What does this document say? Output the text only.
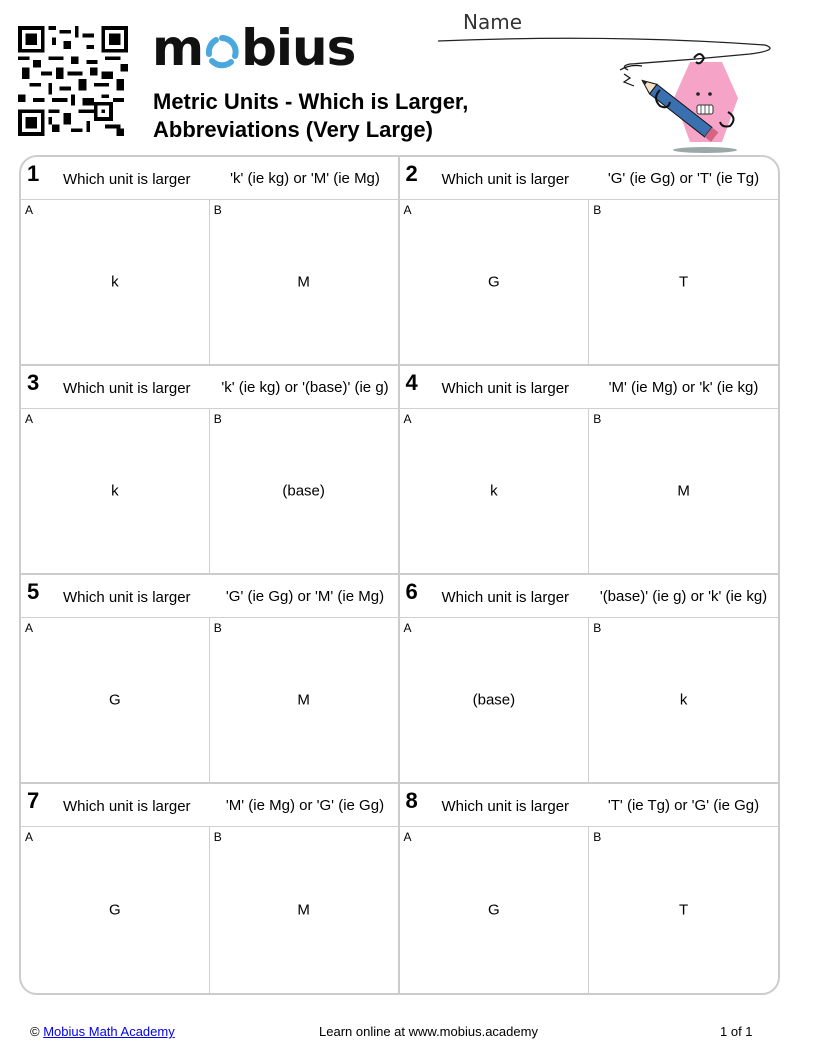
m bius
Metric Units - Which is Larger,
Abbreviations (Very Large)
Name
1 Which unit is larger	'k' (ie kg) or 'M' (ie Mg)
A
k
B
M
2 Which unit is larger	'G' (ie Gg) or 'T' (ie Tg)
A
G
B
T
3 Which unit is larger	'k' (ie kg) or '(base)' (ie g)
A
k
B
(base)
4 Which unit is larger	'M' (ie Mg) or 'k' (ie kg)
A
k
B
M
5 Which unit is larger	'G' (ie Gg) or 'M' (ie Mg)
A
G
B
M
6 Which unit is larger	'(base)' (ie g) or 'k' (ie kg)
A
(base)
B
k
7 Which unit is larger	'M' (ie Mg) or 'G' (ie Gg)
A
G
B
M
8 Which unit is larger	'T' (ie Tg) or 'G' (ie Gg)
A
G
B
T
© Mobius Math Academy	Learn online at www.mobius.academy	1 of 1
